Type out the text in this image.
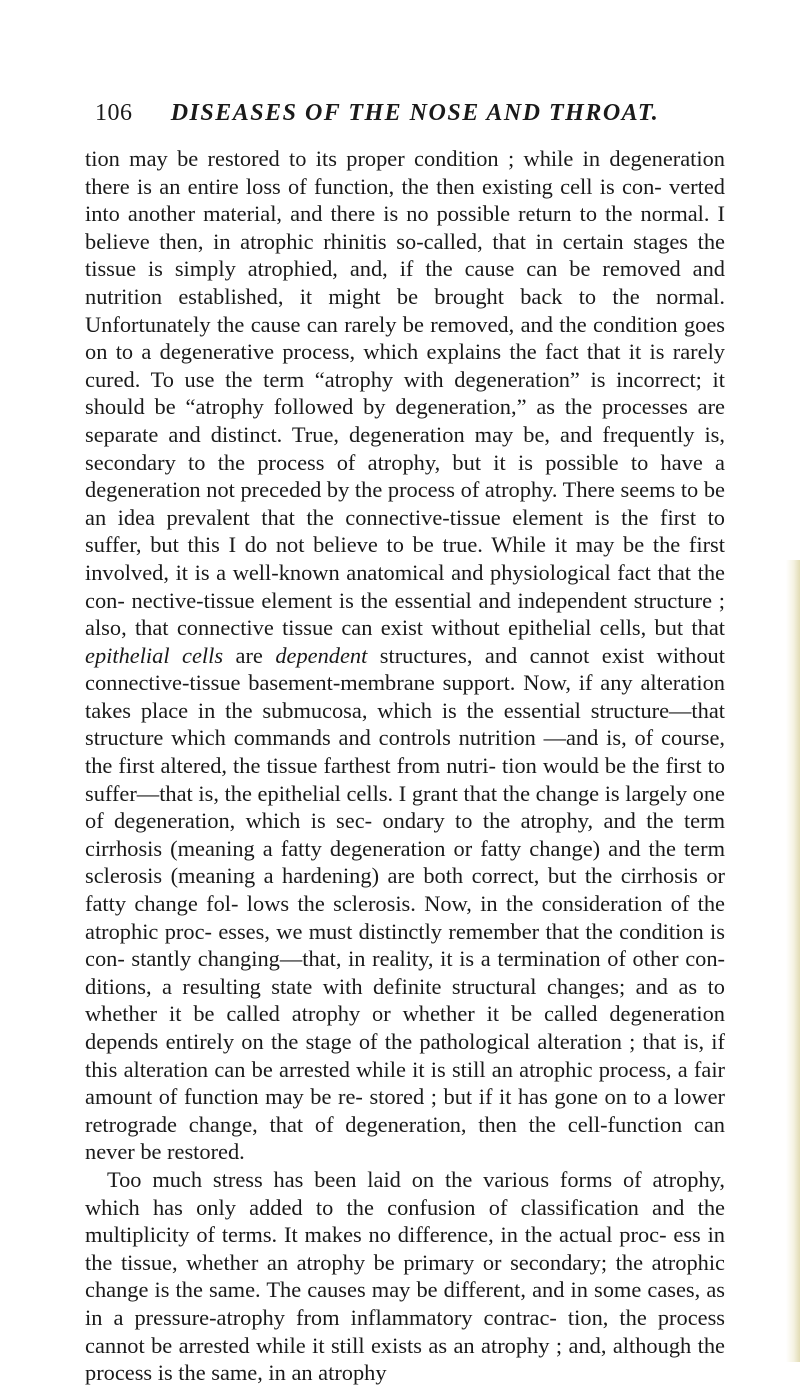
106	DISEASES OF THE NOSE AND THROAT.

tion may be restored to its proper condition ; while in degeneration there is an entire loss of function, the then existing cell is con- verted into another material, and there is no possible return to the normal. I believe then, in atrophic rhinitis so-called, that in certain stages the tissue is simply atrophied, and, if the cause can be removed and nutrition established, it might be brought back to the normal. Unfortunately the cause can rarely be removed, and the condition goes on to a degenerative process, which explains the fact that it is rarely cured. To use the term “atrophy with degeneration” is incorrect; it should be “atrophy followed by degeneration,” as the processes are separate and distinct. True, degeneration may be, and frequently is, secondary to the process of atrophy, but it is possible to have a degeneration not preceded by the process of atrophy. There seems to be an idea prevalent that the connective-tissue element is the first to suffer, but this I do not believe to be true. While it may be the first involved, it is a well-known anatomical and physiological fact that the con- nective-tissue element is the essential and independent structure ; also, that connective tissue can exist without epithelial cells, but that epithelial cells are dependent structures, and cannot exist without connective-tissue basement-membrane support. Now, if any alteration takes place in the submucosa, which is the essential structure—that structure which commands and controls nutrition —and is, of course, the first altered, the tissue farthest from nutri- tion would be the first to suffer—that is, the epithelial cells. I grant that the change is largely one of degeneration, which is sec- ondary to the atrophy, and the term cirrhosis (meaning a fatty degeneration or fatty change) and the term sclerosis (meaning a hardening) are both correct, but the cirrhosis or fatty change fol- lows the sclerosis. Now, in the consideration of the atrophic proc- esses, we must distinctly remember that the condition is con- stantly changing—that, in reality, it is a termination of other con- ditions, a resulting state with definite structural changes; and as to whether it be called atrophy or whether it be called degeneration depends entirely on the stage of the pathological alteration ; that is, if this alteration can be arrested while it is still an atrophic process, a fair amount of function may be re- stored ; but if it has gone on to a lower retrograde change, that of degeneration, then the cell-function can never be restored.

Too much stress has been laid on the various forms of atrophy, which has only added to the confusion of classification and the multiplicity of terms. It makes no difference, in the actual proc- ess in the tissue, whether an atrophy be primary or secondary; the atrophic change is the same. The causes may be different, and in some cases, as in a pressure-atrophy from inflammatory contrac- tion, the process cannot be arrested while it still exists as an atrophy ; and, although the process is the same, in an atrophy
